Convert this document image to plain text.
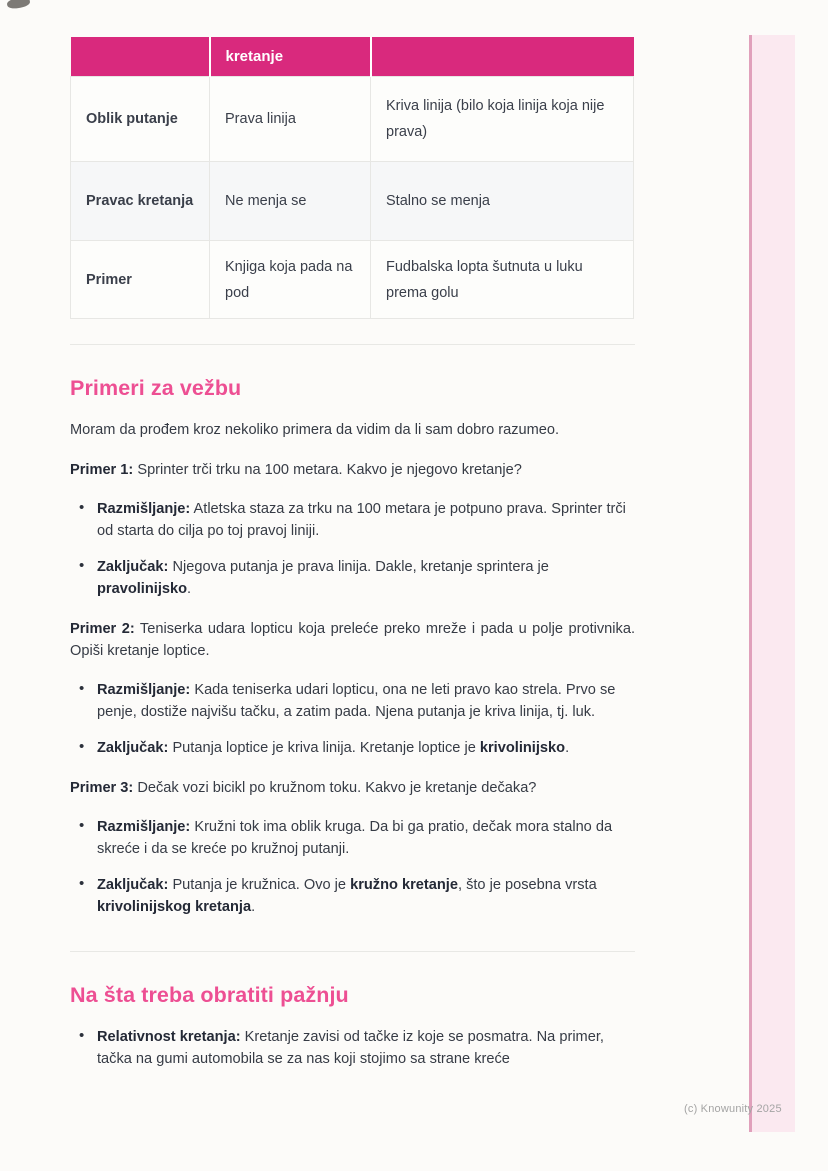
(c) Knowunity 2025
	kretanje	
Oblik putanje	Prava linija	Kriva linija (bilo koja linija koja nije prava)
Pravac kretanja	Ne menja se	Stalno se menja
Primer	Knjiga koja pada na pod	Fudbalska lopta šutnuta u luku prema golu
Primeri za vežbu

Moram da prođem kroz nekoliko primera da vidim da li sam dobro razumeo.

Primer 1: Sprinter trči trku na 100 metara. Kakvo je njegovo kretanje?

• Razmišljanje: Atletska staza za trku na 100 metara je potpuno prava. Sprinter trči od starta do cilja po toj pravoj liniji.
• Zaključak: Njegova putanja je prava linija. Dakle, kretanje sprintera je pravolinijsko.

Primer 2: Teniserka udara lopticu koja preleće preko mreže i pada u polje protivnika. Opiši kretanje loptice.

• Razmišljanje: Kada teniserka udari lopticu, ona ne leti pravo kao strela. Prvo se penje, dostiže najvišu tačku, a zatim pada. Njena putanja je kriva linija, tj. luk.
• Zaključak: Putanja loptice je kriva linija. Kretanje loptice je krivolinijsko.

Primer 3: Dečak vozi bicikl po kružnom toku. Kakvo je kretanje dečaka?

• Razmišljanje: Kružni tok ima oblik kruga. Da bi ga pratio, dečak mora stalno da skreće i da se kreće po kružnoj putanji.
• Zaključak: Putanja je kružnica. Ovo je kružno kretanje, što je posebna vrsta krivolinijskog kretanja.
Na šta treba obratiti pažnju
• Relativnost kretanja: Kretanje zavisi od tačke iz koje se posmatra. Na primer, tačka na gumi automobila se za nas koji stojimo sa strane kreće
